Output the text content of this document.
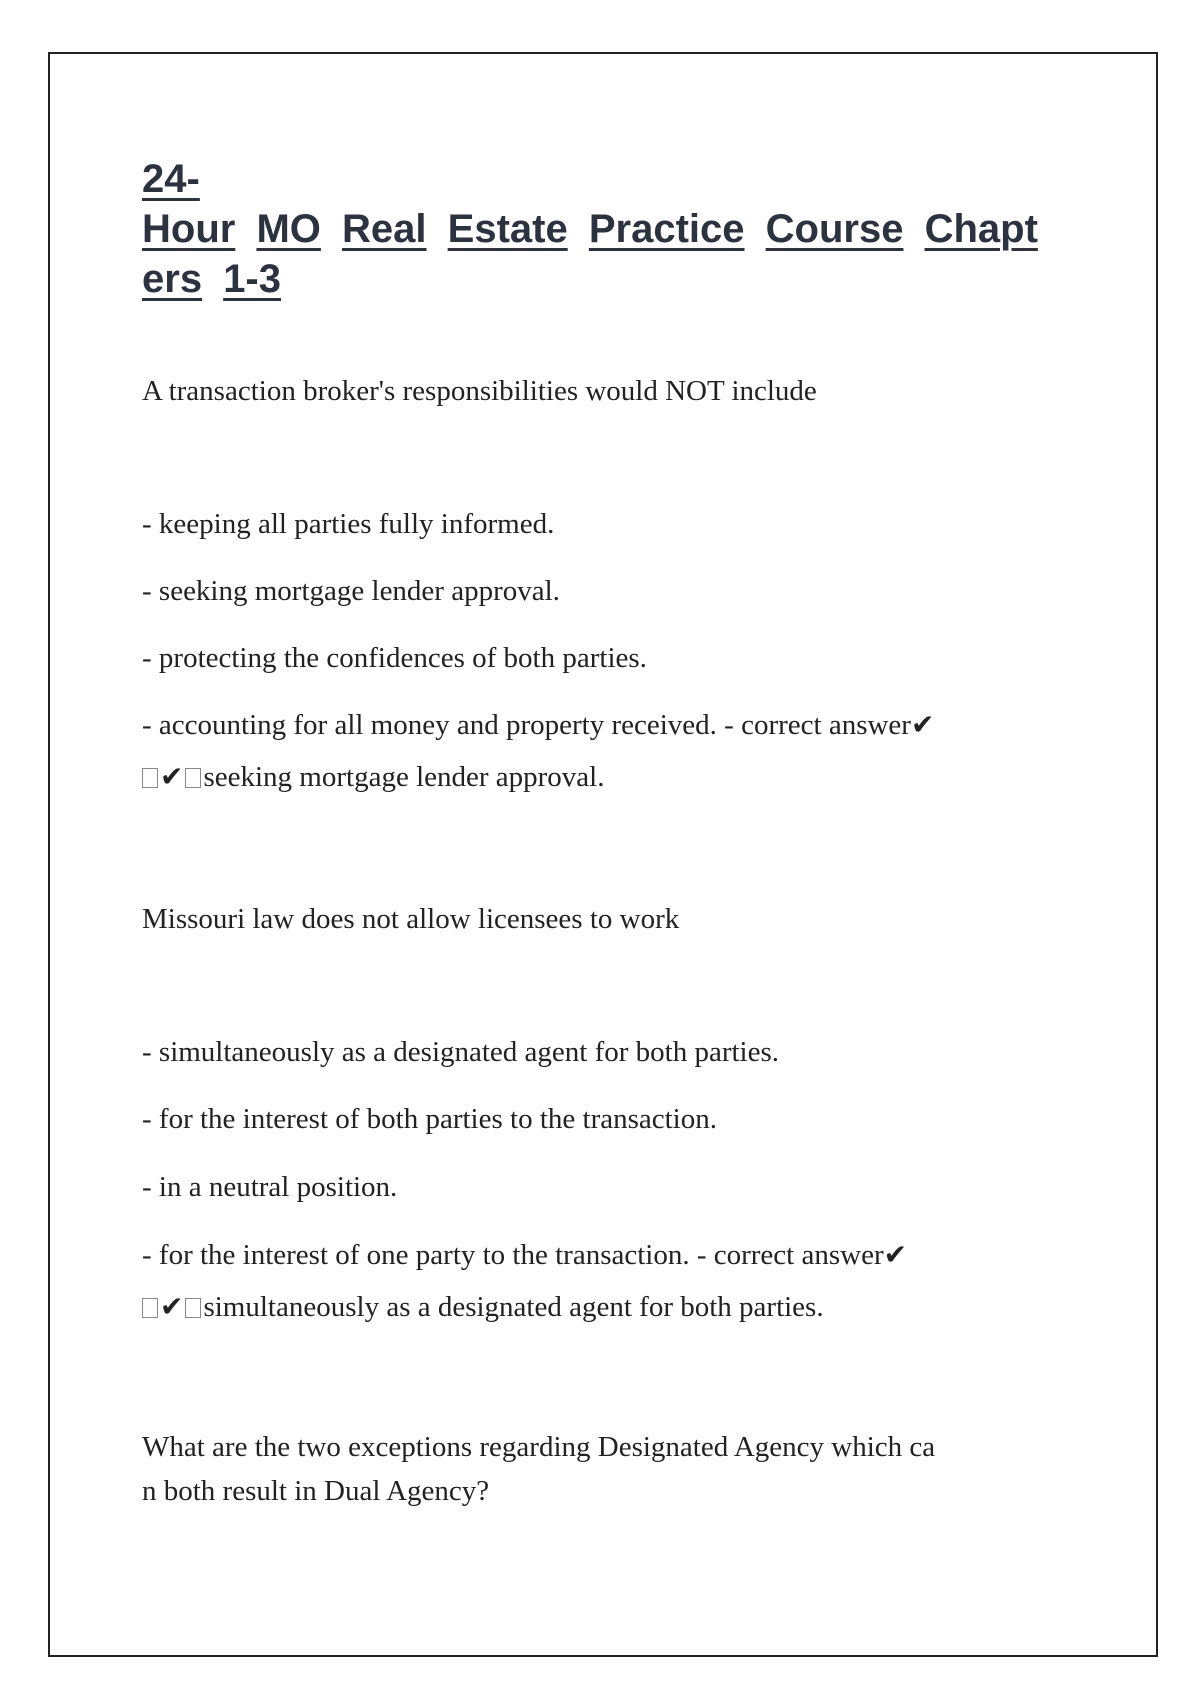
24-
Hour MO Real Estate Practice Course Chapt
ers 1-3

A transaction broker's responsibilities would NOT include

- keeping all parties fully informed.

- seeking mortgage lender approval.

- protecting the confidences of both parties.

- accounting for all money and property received. - correct answer✔

✔ seeking mortgage lender approval.

Missouri law does not allow licensees to work

- simultaneously as a designated agent for both parties.

- for the interest of both parties to the transaction.

- in a neutral position.

- for the interest of one party to the transaction. - correct answer✔

✔ simultaneously as a designated agent for both parties.

What are the two exceptions regarding Designated Agency which ca

n both result in Dual Agency?
